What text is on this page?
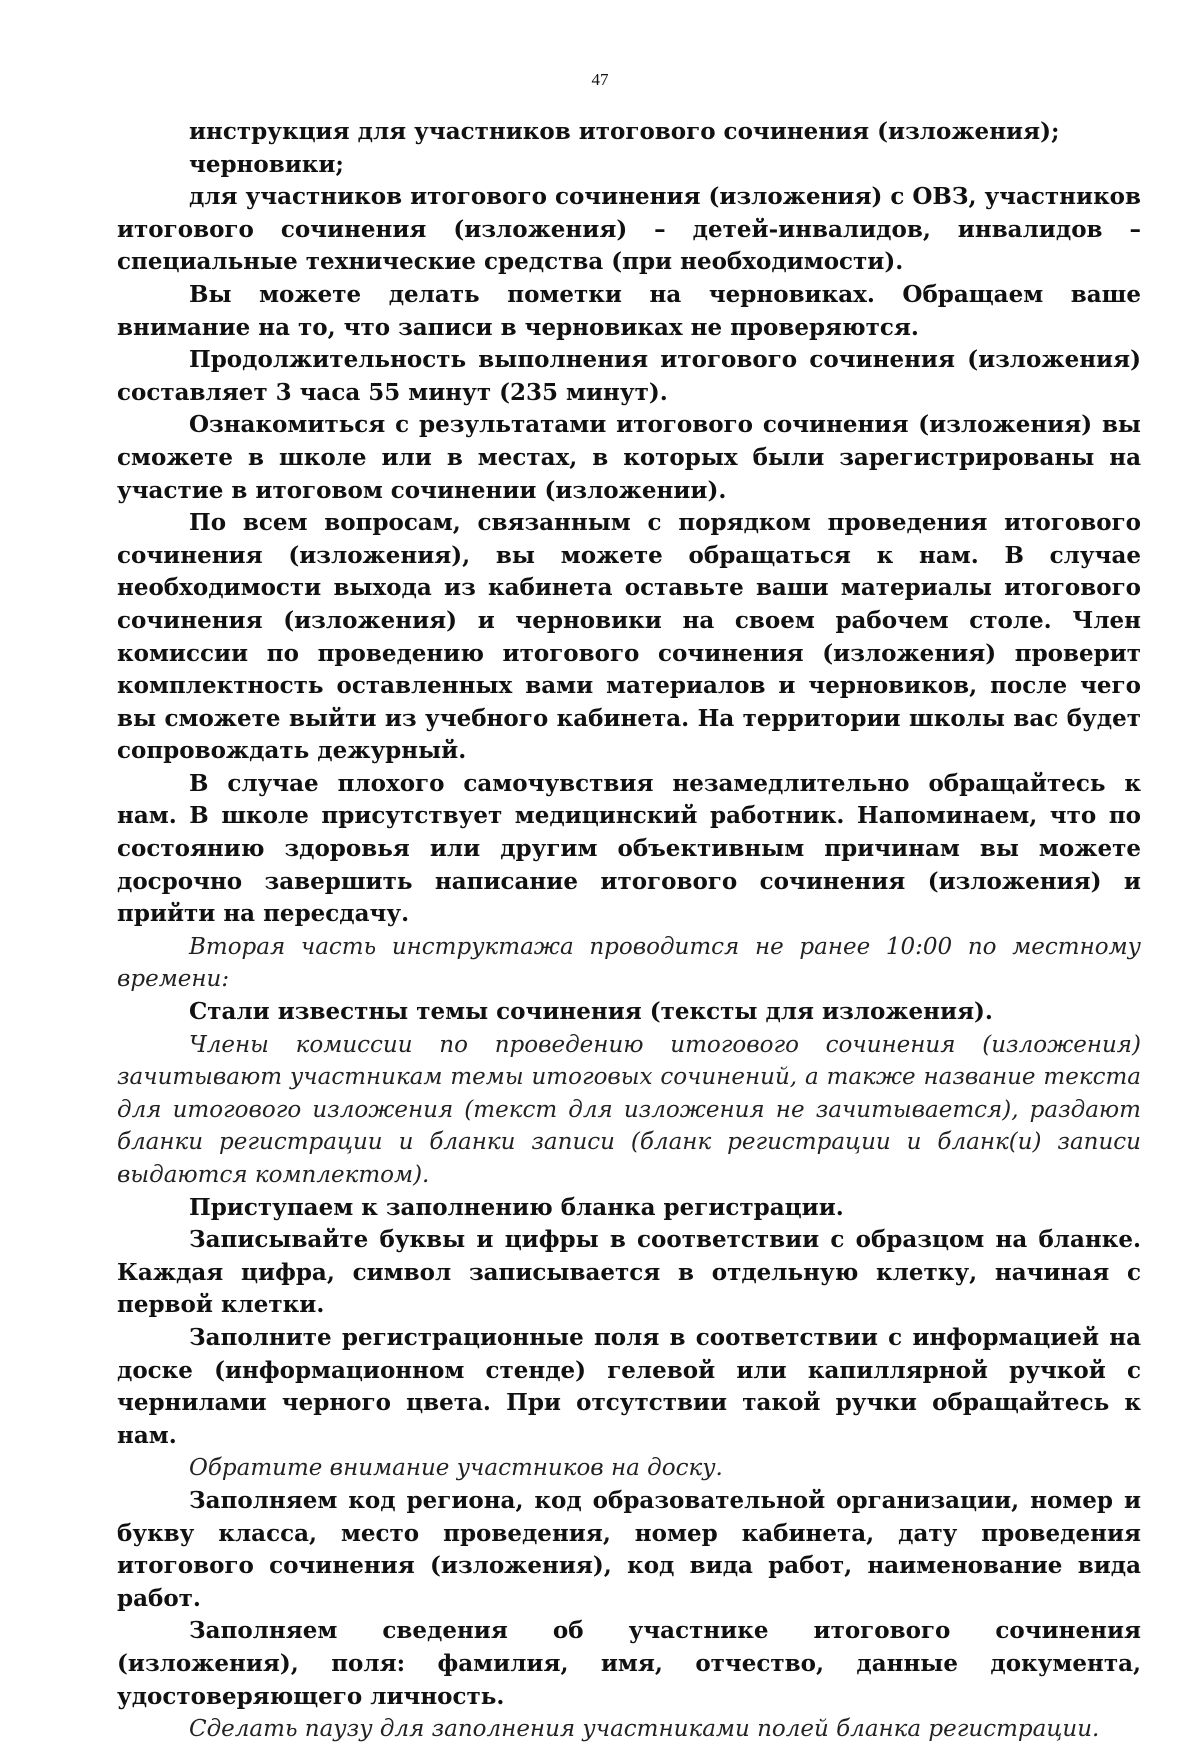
47

инструкция для участников итогового сочинения (изложения);

черновики;

для участников итогового сочинения (изложения) с ОВЗ, участников итогового сочинения (изложения) – детей-инвалидов, инвалидов – специальные технические средства (при необходимости).

Вы можете делать пометки на черновиках. Обращаем ваше внимание на то, что записи в черновиках не проверяются.

Продолжительность выполнения итогового сочинения (изложения) составляет 3 часа 55 минут (235 минут).

Ознакомиться с результатами итогового сочинения (изложения) вы сможете в школе или в местах, в которых были зарегистрированы на участие в итоговом сочинении (изложении).

По всем вопросам, связанным с порядком проведения итогового сочинения (изложения), вы можете обращаться к нам. В случае необходимости выхода из кабинета оставьте ваши материалы итогового сочинения (изложения) и черновики на своем рабочем столе. Член комиссии по проведению итогового сочинения (изложения) проверит комплектность оставленных вами материалов и черновиков, после чего вы сможете выйти из учебного кабинета. На территории школы вас будет сопровождать дежурный.

В случае плохого самочувствия незамедлительно обращайтесь к нам. В школе присутствует медицинский работник. Напоминаем, что по состоянию здоровья или другим объективным причинам вы можете досрочно завершить написание итогового сочинения (изложения) и прийти на пересдачу.

Вторая часть инструктажа проводится не ранее 10:00 по местному времени:

Стали известны темы сочинения (тексты для изложения).

Члены комиссии по проведению итогового сочинения (изложения) зачитывают участникам темы итоговых сочинений, а также название текста для итогового изложения (текст для изложения не зачитывается), раздают бланки регистрации и бланки записи (бланк регистрации и бланк(и) записи выдаются комплектом).

Приступаем к заполнению бланка регистрации.

Записывайте буквы и цифры в соответствии с образцом на бланке. Каждая цифра, символ записывается в отдельную клетку, начиная с первой клетки.

Заполните регистрационные поля в соответствии с информацией на доске (информационном стенде) гелевой или капиллярной ручкой с чернилами черного цвета. При отсутствии такой ручки обращайтесь к нам.

Обратите внимание участников на доску.

Заполняем код региона, код образовательной организации, номер и букву класса, место проведения, номер кабинета, дату проведения итогового сочинения (изложения), код вида работ, наименование вида работ.

Заполняем сведения об участнике итогового сочинения (изложения), поля: фамилия, имя, отчество, данные документа, удостоверяющего личность.

Сделать паузу для заполнения участниками полей бланка регистрации.
